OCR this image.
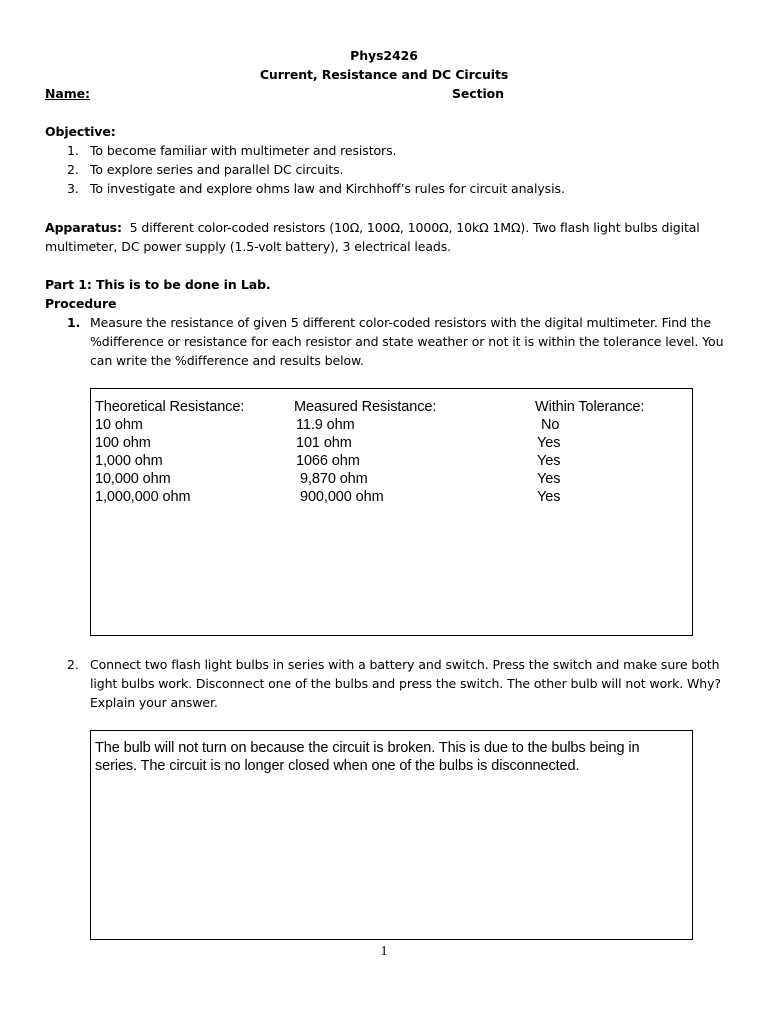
Phys2426
Current, Resistance and DC Circuits
Name:	Section
Objective:
1. To become familiar with multimeter and resistors.
2. To explore series and parallel DC circuits.
3. To investigate and explore ohms law and Kirchhoff’s rules for circuit analysis.
Apparatus: 5 different color-coded resistors (10Ω, 100Ω, 1000Ω, 10kΩ 1MΩ). Two flash light bulbs digital
multimeter, DC power supply (1.5-volt battery), 3 electrical leads.
Part 1: This is to be done in Lab.
Procedure
1. Measure the resistance of given 5 different color-coded resistors with the digital multimeter. Find the
%difference or resistance for each resistor and state weather or not it is within the tolerance level. You
can write the %difference and results below.
Theoretical Resistance:	Measured Resistance:	Within Tolerance:
10 ohm	11.9 ohm	No
100 ohm	101 ohm	Yes
1,000 ohm	1066 ohm	Yes
10,000 ohm	9,870 ohm	Yes
1,000,000 ohm	900,000 ohm	Yes
2. Connect two flash light bulbs in series with a battery and switch. Press the switch and make sure both
light bulbs work. Disconnect one of the bulbs and press the switch. The other bulb will not work. Why?
Explain your answer.
The bulb will not turn on because the circuit is broken. This is due to the bulbs being in
series. The circuit is no longer closed when one of the bulbs is disconnected.
1
